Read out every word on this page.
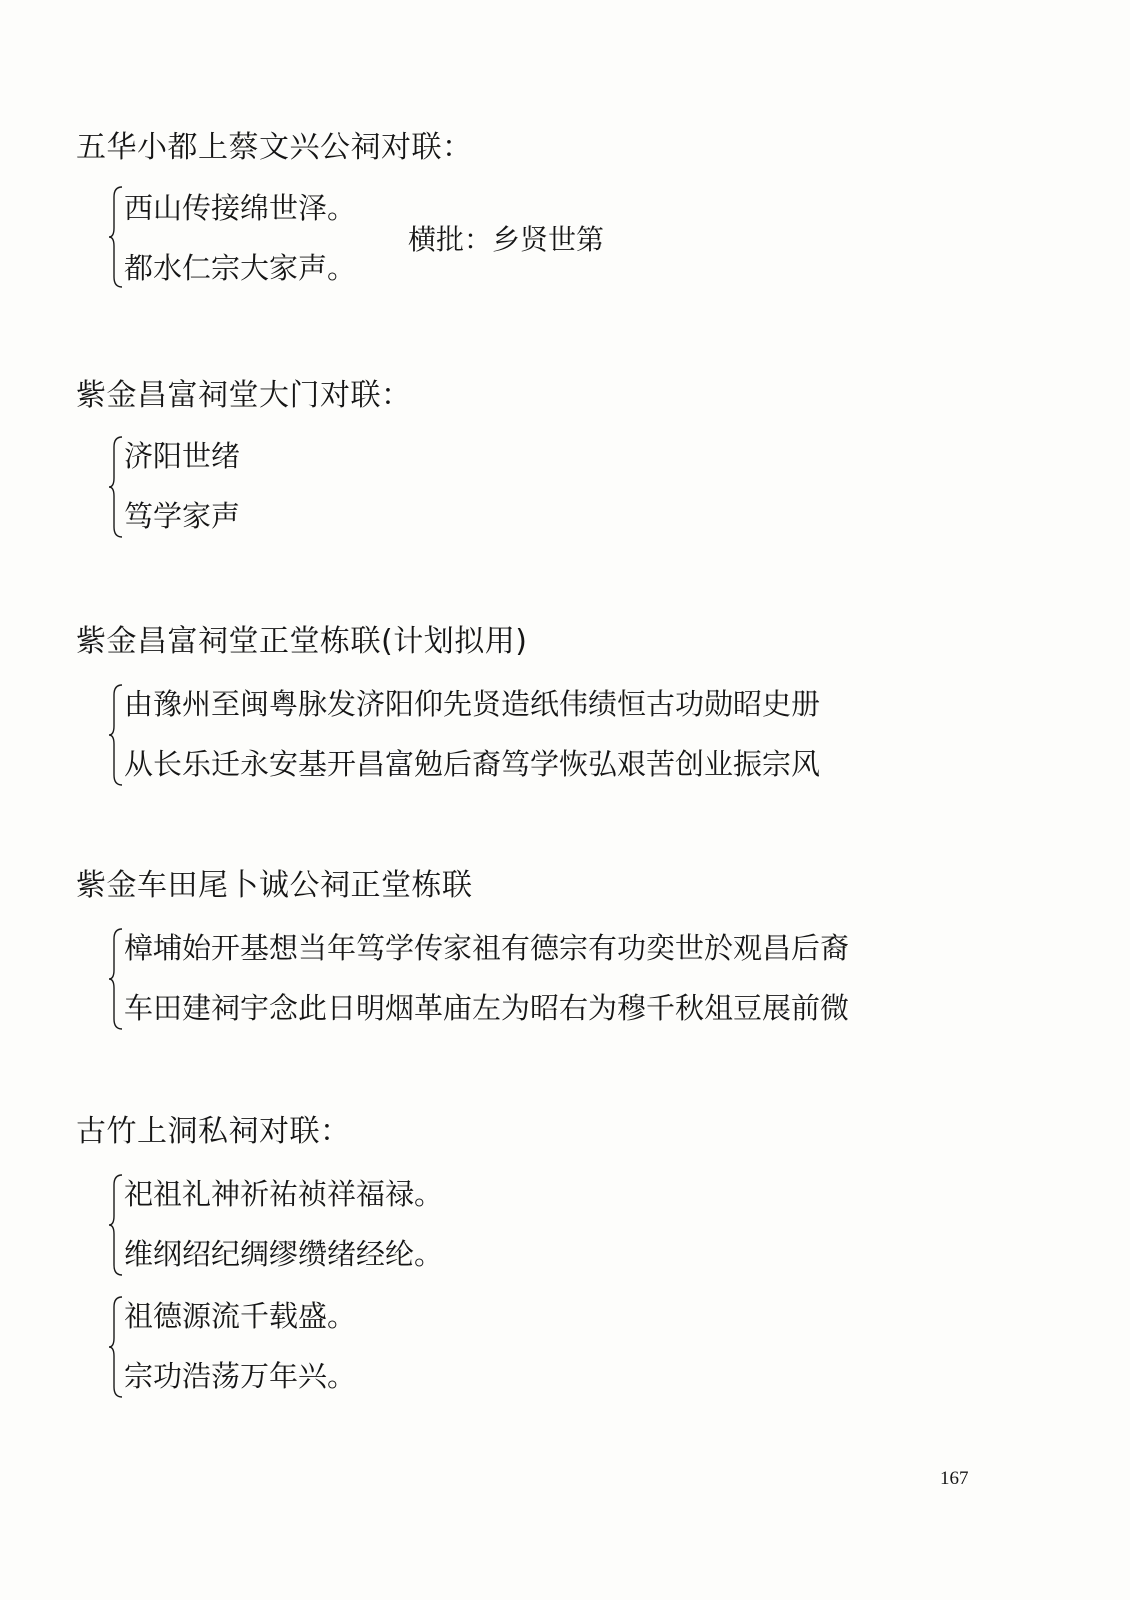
五华小都上蔡文兴公祠对联：

西山传接绵世泽。

都水仁宗大家声。

横批：乡贤世第

紫金昌富祠堂大门对联：

济阳世绪

笃学家声

紫金昌富祠堂正堂栋联(计划拟用)

由豫州至闽粤脉发济阳仰先贤造纸伟绩恒古功勋昭史册

从长乐迁永安基开昌富勉后裔笃学恢弘艰苦创业振宗风

紫金车田尾卜诚公祠正堂栋联

樟埔始开基想当年笃学传家祖有德宗有功奕世於观昌后裔

车田建祠宇念此日明烟革庙左为昭右为穆千秋俎豆展前微

古竹上洞私祠对联：

祀祖礼神祈祐祯祥福禄。

维纲绍纪绸缪缵绪经纶。

祖德源流千载盛。

宗功浩荡万年兴。

167
